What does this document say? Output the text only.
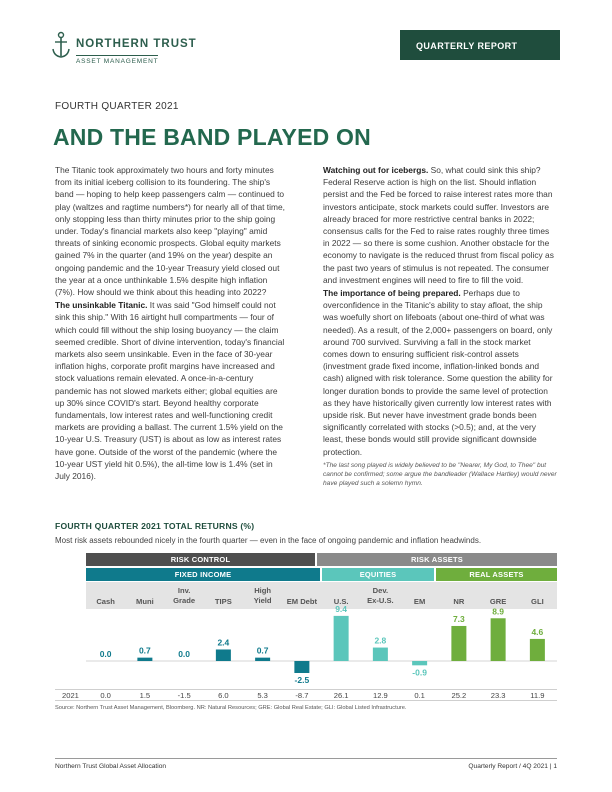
NORTHERN TRUST
ASSET MANAGEMENT
QUARTERLY REPORT
FOURTH QUARTER 2021
AND THE BAND PLAYED ON

The Titanic took approximately two hours and forty minutes from its initial iceberg collision to its foundering. The ship's band — hoping to help keep passengers calm — continued to play (waltzes and ragtime numbers*) for nearly all of that time, only stopping less than thirty minutes prior to the ship going under. Today's financial markets also keep "playing" amid threats of sinking economic prospects. Global equity markets gained 7% in the quarter (and 19% on the year) despite an ongoing pandemic and the 10-year Treasury yield closed out the year at a once unthinkable 1.5% despite high inflation (7%). How should we think about this heading into 2022?

The unsinkable Titanic. It was said "God himself could not sink this ship." With 16 airtight hull compartments — four of which could fill without the ship losing buoyancy — the claim seemed credible. Short of divine intervention, today's financial markets also seem unsinkable. Even in the face of 30-year inflation highs, corporate profit margins have increased and stock valuations remain elevated. A once-in-a-century pandemic has not slowed markets either; global equities are up 30% since COVID's start. Beyond healthy corporate fundamentals, low interest rates and well-functioning credit markets are providing a ballast. The current 1.5% yield on the 10-year U.S. Treasury (UST) is about as low as interest rates have gone. Outside of the worst of the pandemic (where the 10-year UST yield hit 0.5%), the all-time low is 1.4% (set in July 2016).

Watching out for icebergs. So, what could sink this ship? Federal Reserve action is high on the list. Should inflation persist and the Fed be forced to raise interest rates more than investors anticipate, stock markets could suffer. Investors are already braced for more restrictive central banks in 2022; consensus calls for the Fed to raise rates roughly three times in 2022 — so there is some cushion. Another obstacle for the economy to navigate is the reduced thrust from fiscal policy as the past two years of stimulus is not repeated. The consumer and investment engines will need to fire to fill the void.

The importance of being prepared. Perhaps due to overconfidence in the Titanic's ability to stay afloat, the ship was woefully short on lifeboats (about one-third of what was needed). As a result, of the 2,000+ passengers on board, only around 700 survived. Surviving a fall in the stock market comes down to ensuring sufficient risk-control assets (investment grade fixed income, inflation-linked bonds and cash) aligned with risk tolerance. Some question the ability for longer duration bonds to provide the same level of protection as they have historically given currently low interest rates with upside risk. But never have investment grade bonds been significantly correlated with stocks (>0.5); and, at the very least, these bonds would still provide significant downside protection.

*The last song played is widely believed to be "Nearer, My God, to Thee" but cannot be confirmed; some argue the bandleader (Wallace Hartley) would never have played such a solemn hymn.

FOURTH QUARTER 2021 TOTAL RETURNS (%)
Most risk assets rebounded nicely in the fourth quarter — even in the face of ongoing pandemic and inflation headwinds.
RISK CONTROL	RISK ASSETS
FIXED INCOME	EQUITIES	REAL ASSETS
Cash	Muni
Inv.
Grade	TIPS
High
Yield	EM Debt	U.S.
Dev.
Ex-U.S.	EM	NR	GRE	GLI
0.0	0.7	0.0
2.4
0.7
-2.5
9.4
2.8
-0.9
7.3
8.9
4.6
2021	0.0	1.5	-1.5	6.0	5.3	-8.7	26.1	12.9	0.1	25.2	23.3	11.9
Source: Northern Trust Asset Management, Bloomberg. NR: Natural Resources; GRE: Global Real Estate; GLI: Global Listed Infrastructure.
Northern Trust Global Asset Allocation	Quarterly Report / 4Q 2021 | 1
